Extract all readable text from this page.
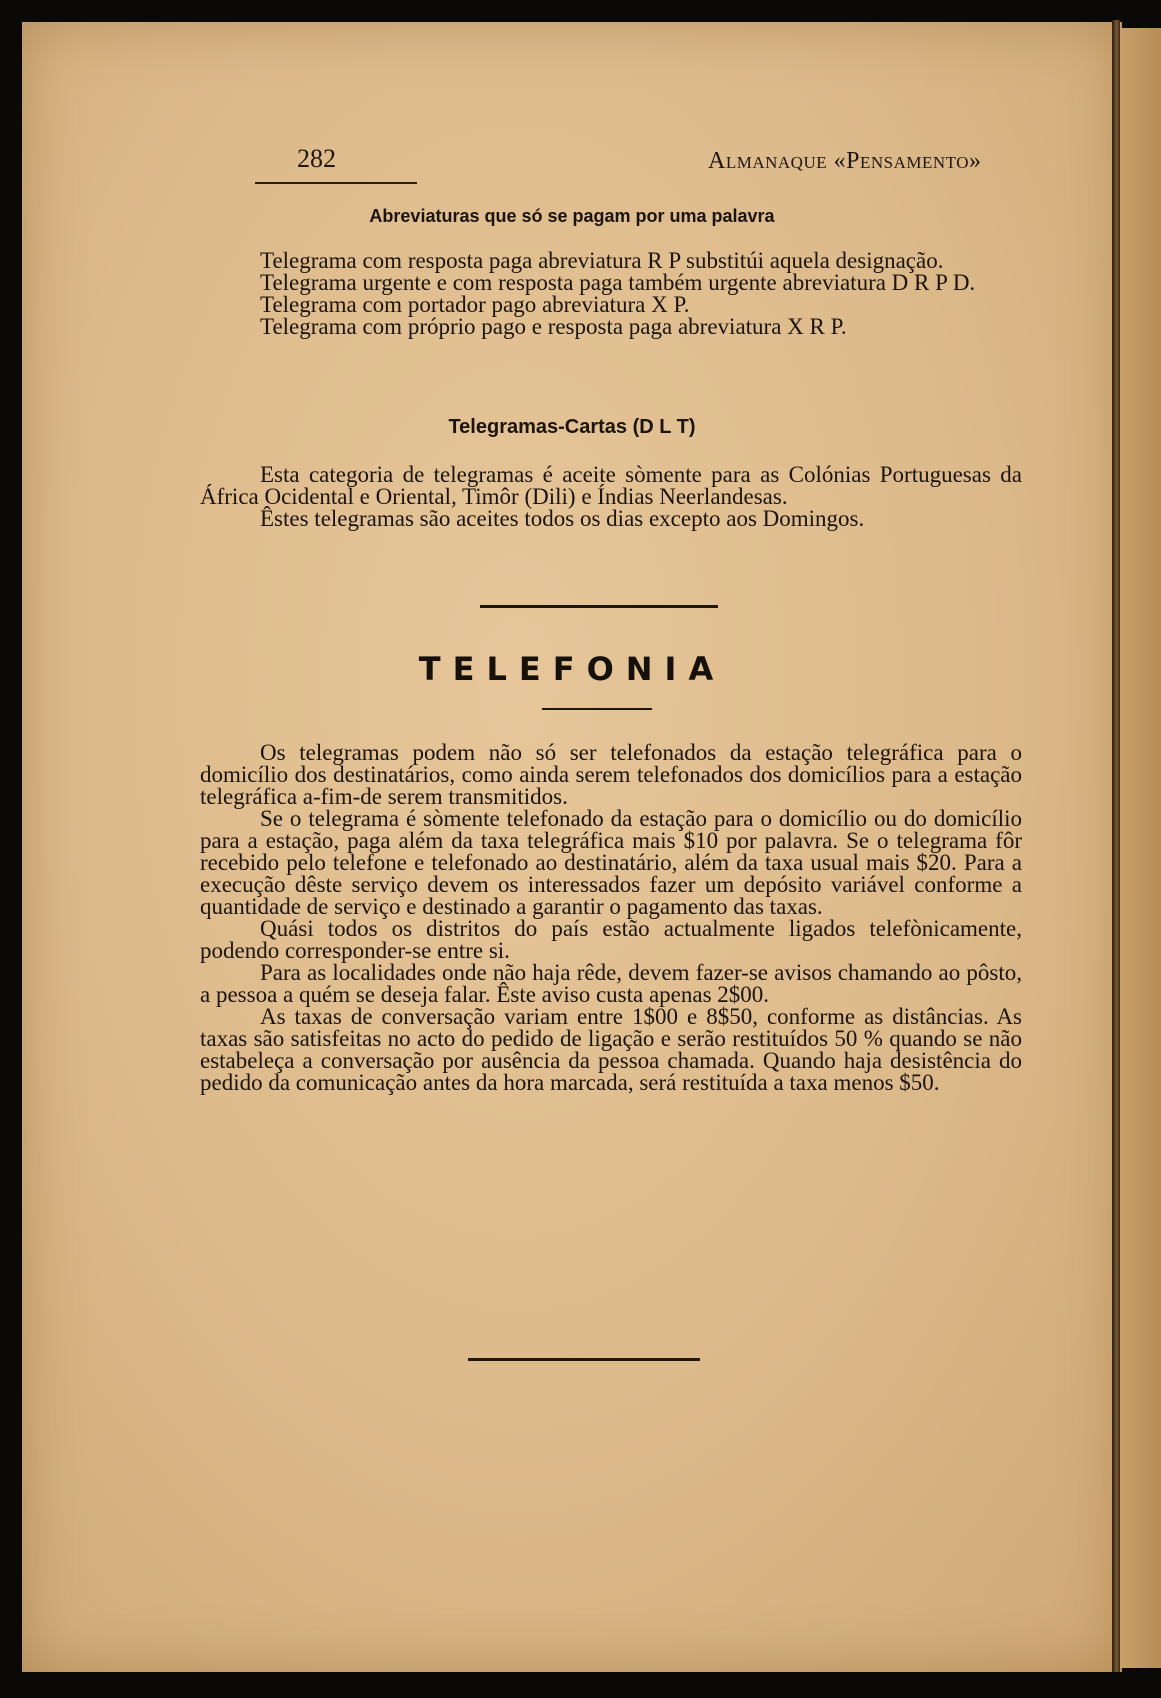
282	Almanaque «Pensamento»
Abreviaturas que só se pagam por uma palavra

Telegrama com resposta paga abreviatura R P substitúi aquela designação.

Telegrama urgente e com resposta paga também urgente abreviatura D R P D.

Telegrama com portador pago abreviatura X P.

Telegrama com próprio pago e resposta paga abreviatura X R P.

Telegramas-Cartas (D L T)

Esta categoria de telegramas é aceite sòmente para as Colónias Portuguesas da África Ocidental e Oriental, Timôr (Dili) e Índias Neerlandesas.

Êstes telegramas são aceites todos os dias excepto aos Domingos.

TELEFONIA

Os telegramas podem não só ser telefonados da estação telegráfica para o domicílio dos destinatários, como ainda serem telefonados dos domicílios para a estação telegráfica a-fim-de serem transmitidos.

Se o telegrama é sòmente telefonado da estação para o domicílio ou do domicílio para a estação, paga além da taxa telegráfica mais $10 por palavra. Se o telegrama fôr recebido pelo telefone e telefonado ao destinatário, além da taxa usual mais $20. Para a execução dêste serviço devem os interessados fazer um depósito variável conforme a quantidade de serviço e destinado a garantir o pagamento das taxas.

Quási todos os distritos do país estão actualmente ligados telefònicamente, podendo corresponder-se entre si.

Para as localidades onde não haja rêde, devem fazer-se avisos chamando ao pôsto, a pessoa a quém se deseja falar. Êste aviso custa apenas 2$00.

As taxas de conversação variam entre 1$00 e 8$50, conforme as distâncias. As taxas são satisfeitas no acto do pedido de ligação e serão restituídos 50 % quando se não estabeleça a conversação por ausência da pessoa chamada. Quando haja desistência do pedido da comunicação antes da hora marcada, será restituída a taxa menos $50.
